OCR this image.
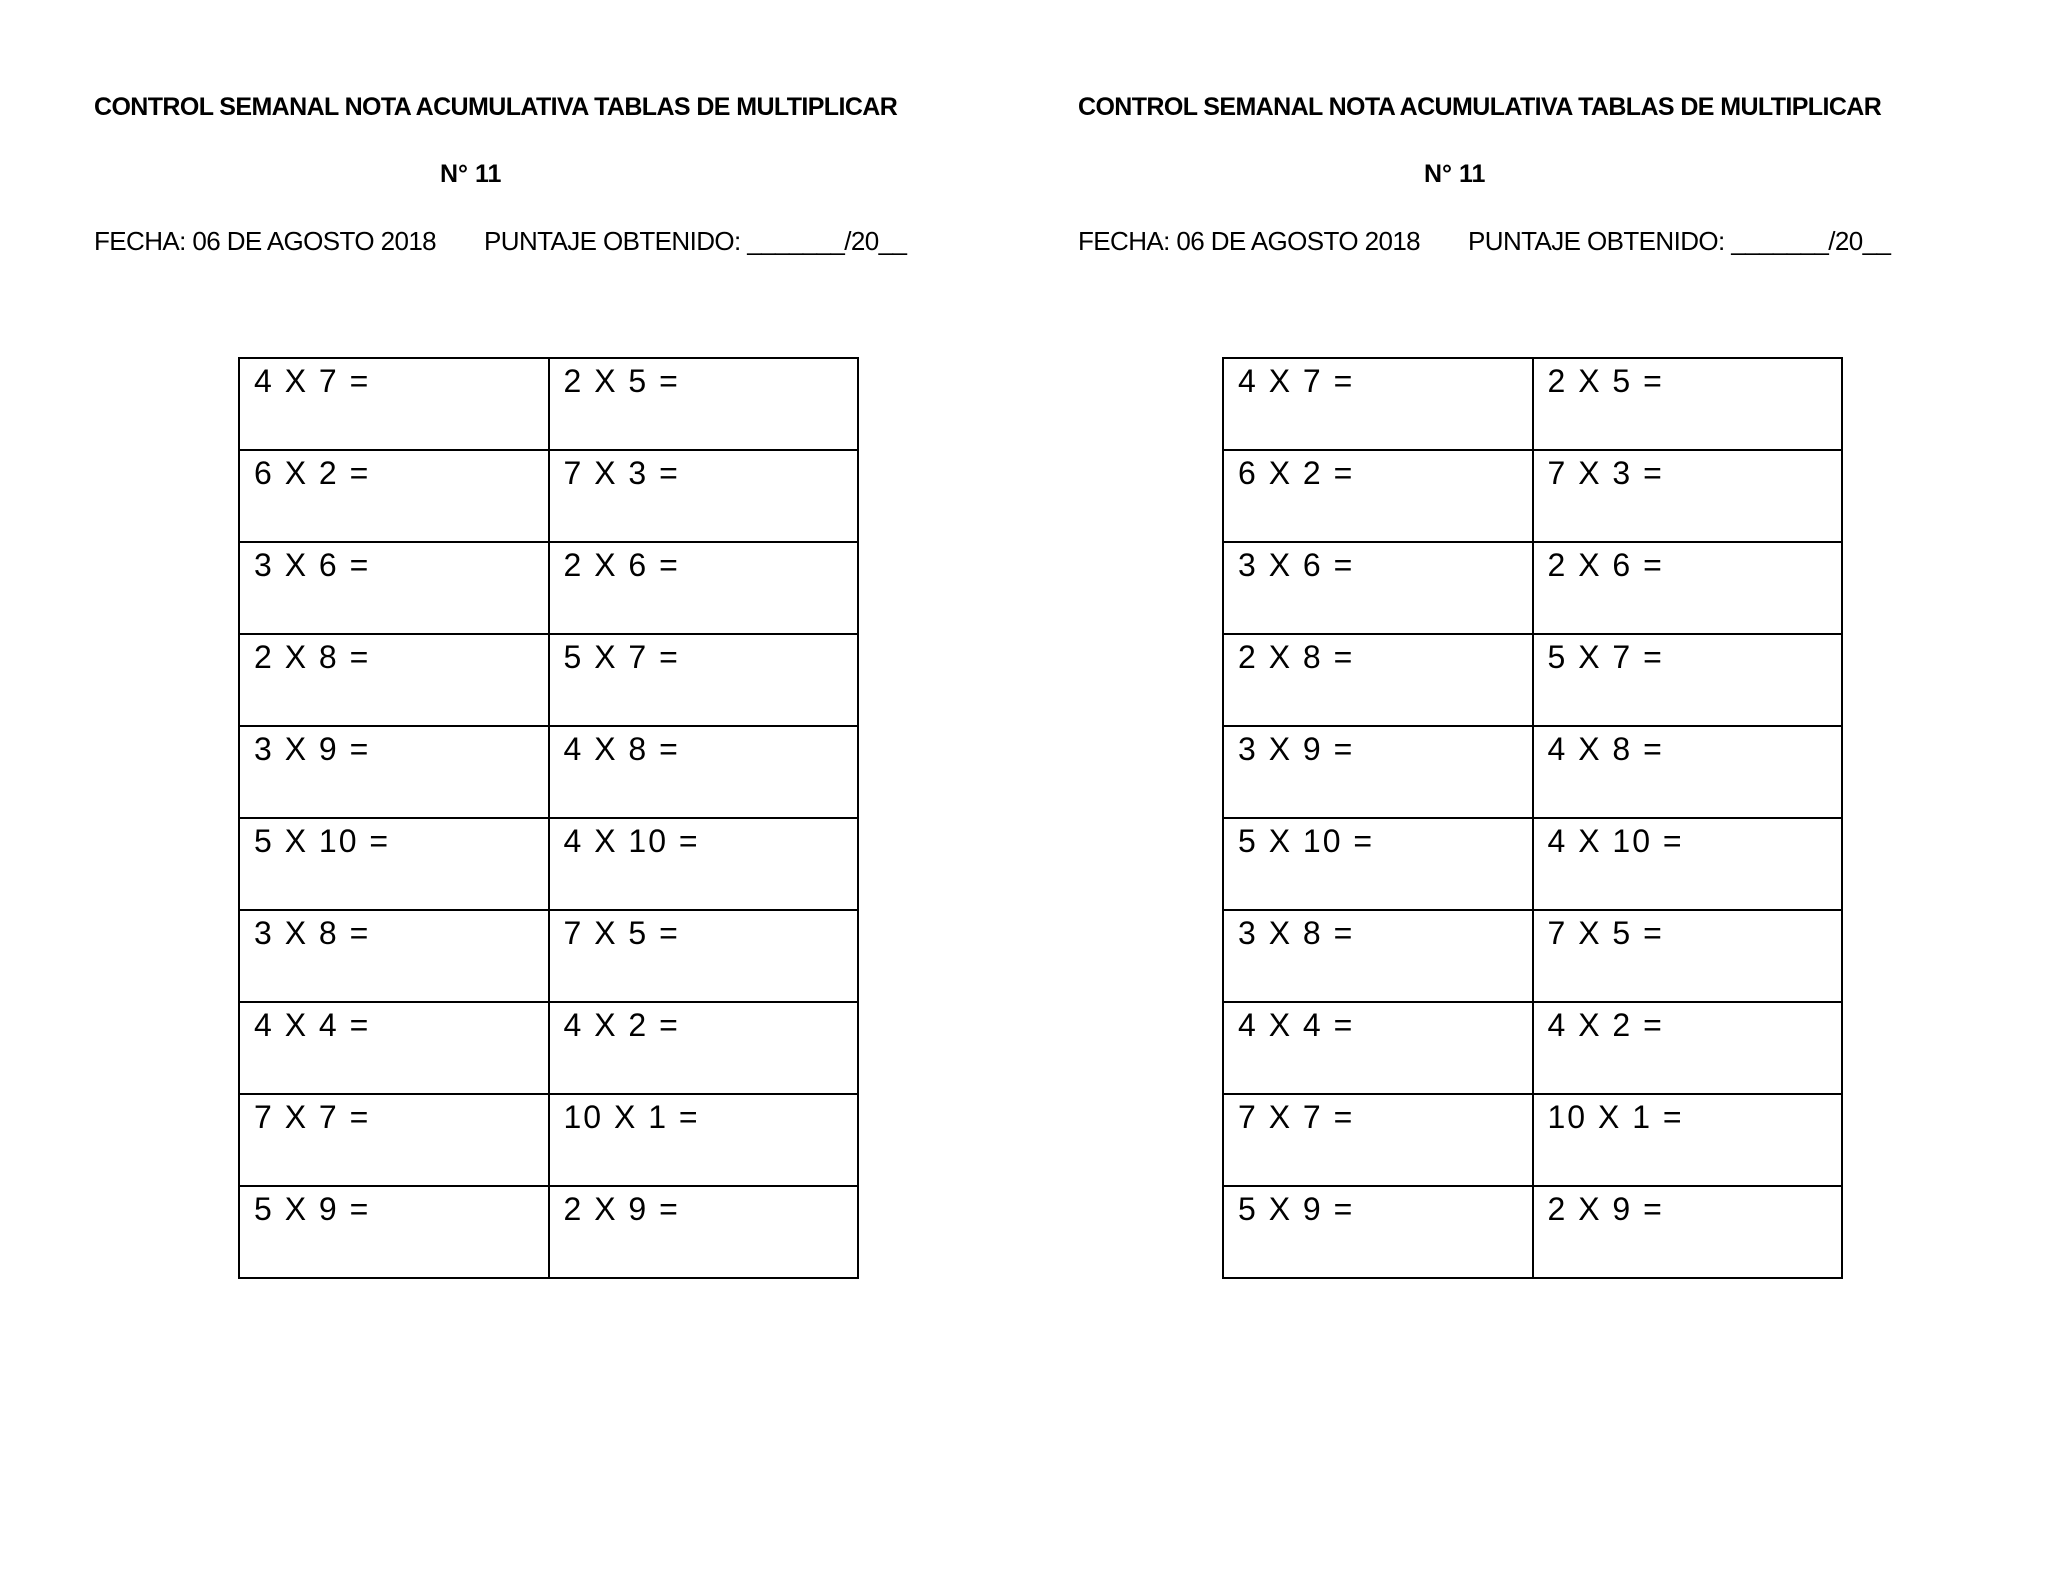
CONTROL SEMANAL NOTA ACUMULATIVA TABLAS DE MULTIPLICAR
N° 11
FECHA: 06 DE AGOSTO 2018 PUNTAJE OBTENIDO: _______/20__
4 X 7 =	2 X 5 =
6 X 2 =	7 X 3 =
3 X 6 =	2 X 6 =
2 X 8 =	5 X 7 =
3 X 9 =	4 X 8 =
5 X 10 =	4 X 10 =
3 X 8 =	7 X 5 =
4 X 4 =	4 X 2 =
7 X 7 =	10 X 1 =
5 X 9 =	2 X 9 =
CONTROL SEMANAL NOTA ACUMULATIVA TABLAS DE MULTIPLICAR
N° 11
FECHA: 06 DE AGOSTO 2018 PUNTAJE OBTENIDO: _______/20__
4 X 7 =	2 X 5 =
6 X 2 =	7 X 3 =
3 X 6 =	2 X 6 =
2 X 8 =	5 X 7 =
3 X 9 =	4 X 8 =
5 X 10 =	4 X 10 =
3 X 8 =	7 X 5 =
4 X 4 =	4 X 2 =
7 X 7 =	10 X 1 =
5 X 9 =	2 X 9 =
